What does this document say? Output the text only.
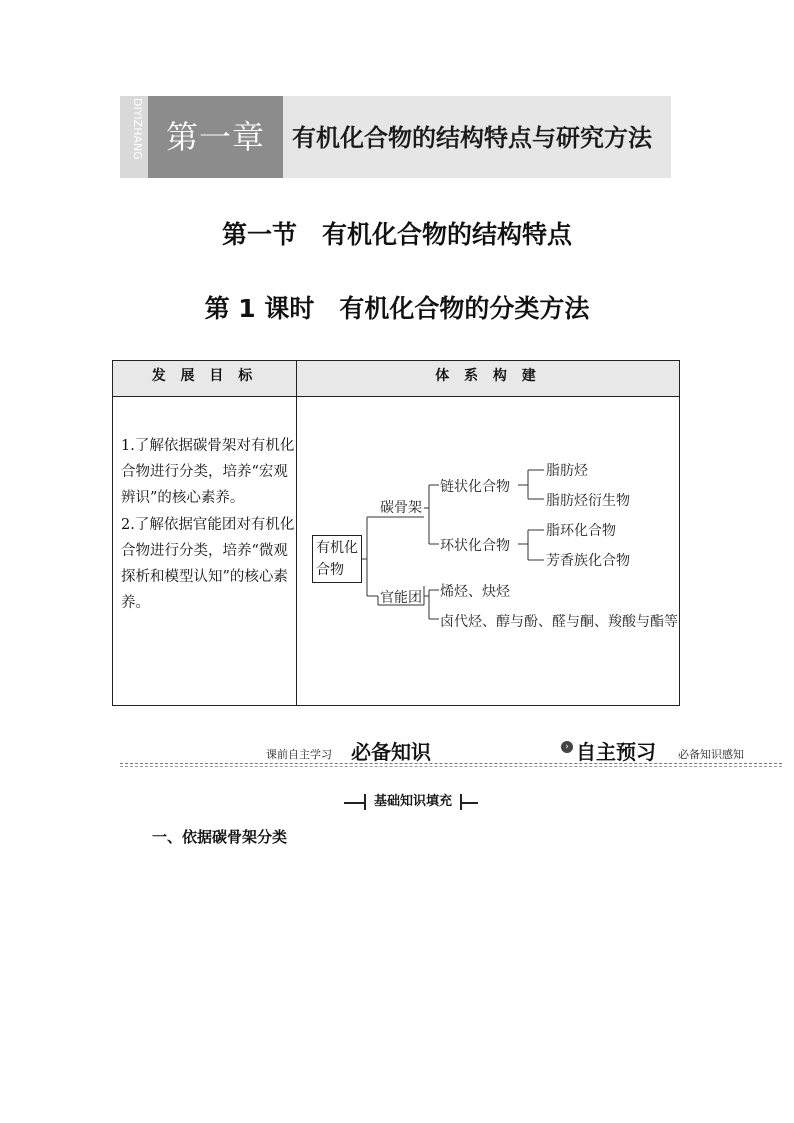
DIYIZHANG 第一章	有机化合物的结构特点与研究方法
第一节　有机化合物的结构特点
第 1 课时　有机化合物的分类方法
发 展 目 标	体 系 构 建

1.了解依据碳骨架对有机化合物进行分类，培养“宏观辨识”的核心素养。

2.了解依据官能团对有机化合物进行分类，培养“微观探析和模型认知”的核心素养。

有机化
合物
碳骨架
链状化合物
脂肪烃
脂肪烃衍生物
环状化合物
脂环化合物
芳香族化合物
官能团 烯烃、炔烃
卤代烃、醇与酚、醛与酮、羧酸与酯等
课前自主学习 必备知识	› 自主预习 必备知识感知
基础知识填充
一、依据碳骨架分类
